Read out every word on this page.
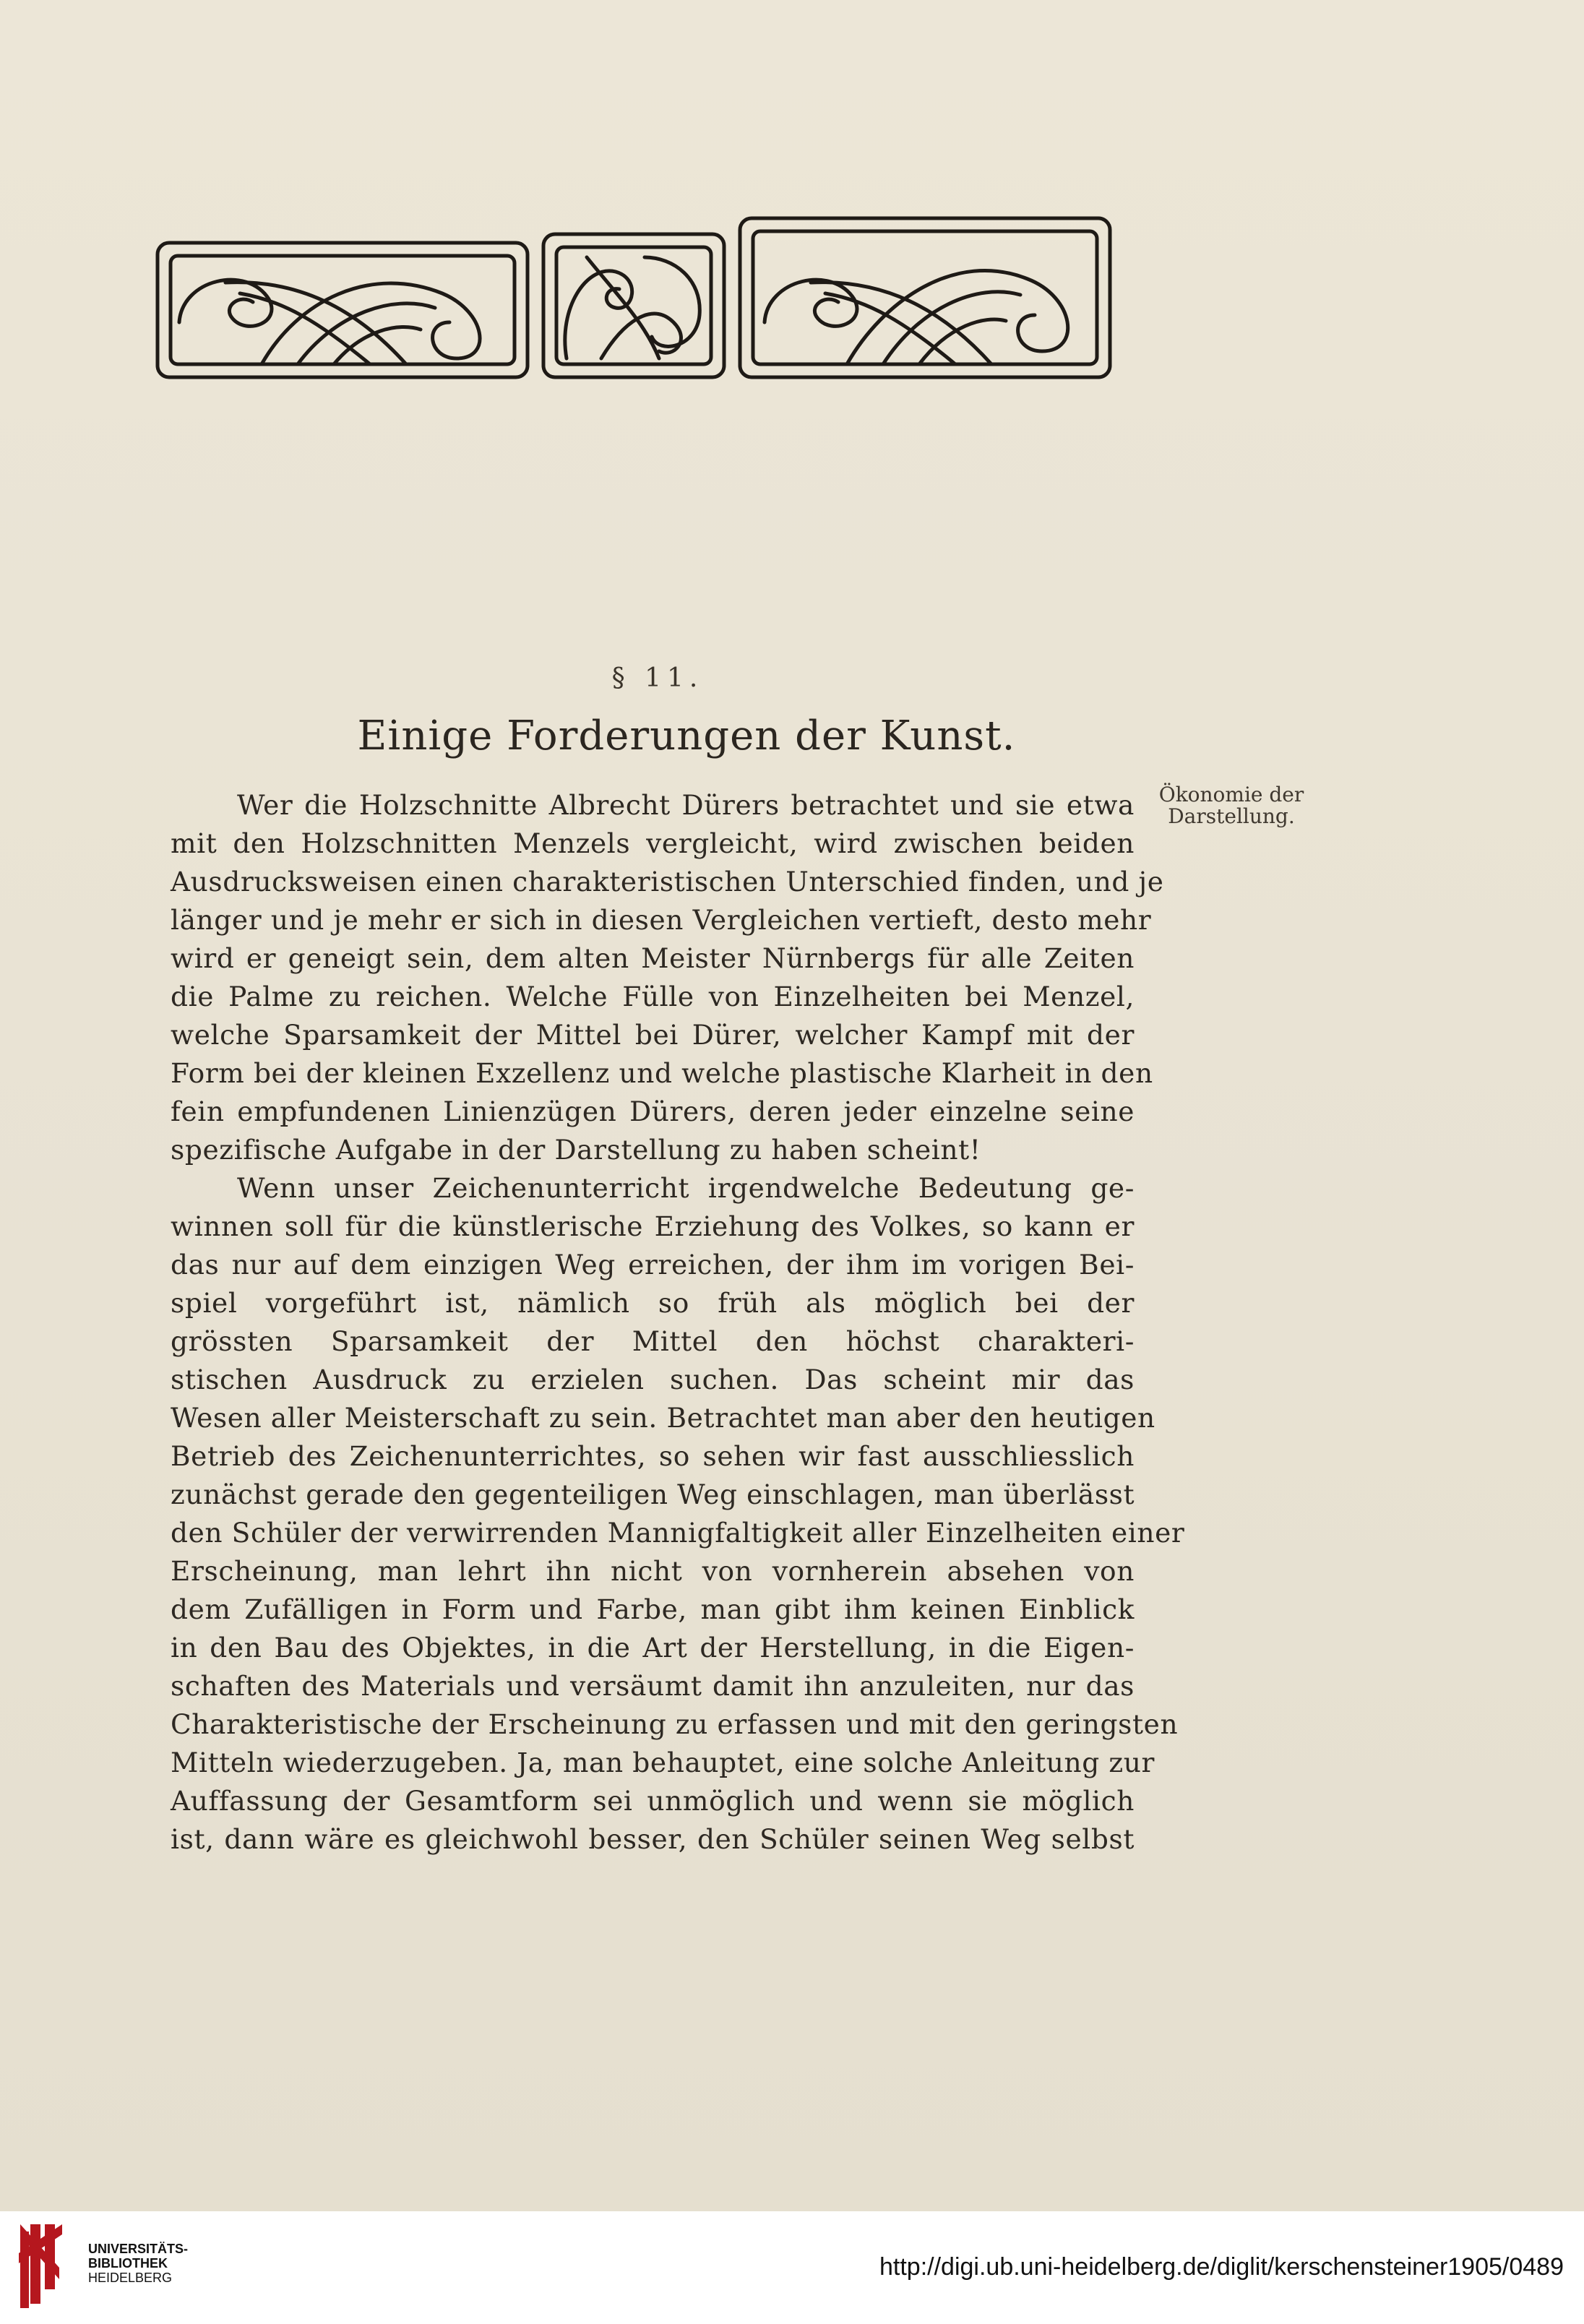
§ 11.
Einige Forderungen der Kunst.
Ökonomie der
Darstellung.
Wer die Holzschnitte Albrecht Dürers betrachtet und sie etwa
mit den Holzschnitten Menzels vergleicht, wird zwischen beiden
Ausdrucksweisen einen charakteristischen Unterschied finden, und je
länger und je mehr er sich in diesen Vergleichen vertieft, desto mehr
wird er geneigt sein, dem alten Meister Nürnbergs für alle Zeiten
die Palme zu reichen. Welche Fülle von Einzelheiten bei Menzel,
welche Sparsamkeit der Mittel bei Dürer, welcher Kampf mit der
Form bei der kleinen Exzellenz und welche plastische Klarheit in den
fein empfundenen Linienzügen Dürers, deren jeder einzelne seine
spezifische Aufgabe in der Darstellung zu haben scheint!
Wenn unser Zeichenunterricht irgendwelche Bedeutung ge-
winnen soll für die künstlerische Erziehung des Volkes, so kann er
das nur auf dem einzigen Weg erreichen, der ihm im vorigen Bei-
spiel vorgeführt ist, nämlich so früh als möglich bei der
grössten Sparsamkeit der Mittel den höchst charakteri-
stischen Ausdruck zu erzielen suchen. Das scheint mir das
Wesen aller Meisterschaft zu sein. Betrachtet man aber den heutigen
Betrieb des Zeichenunterrichtes, so sehen wir fast ausschliesslich
zunächst gerade den gegenteiligen Weg einschlagen, man überlässt
den Schüler der verwirrenden Mannigfaltigkeit aller Einzelheiten einer
Erscheinung, man lehrt ihn nicht von vornherein absehen von
dem Zufälligen in Form und Farbe, man gibt ihm keinen Einblick
in den Bau des Objektes, in die Art der Herstellung, in die Eigen-
schaften des Materials und versäumt damit ihn anzuleiten, nur das
Charakteristische der Erscheinung zu erfassen und mit den geringsten
Mitteln wiederzugeben. Ja, man behauptet, eine solche Anleitung zur
Auffassung der Gesamtform sei unmöglich und wenn sie möglich
ist, dann wäre es gleichwohl besser, den Schüler seinen Weg selbst
UNIVERSITÄTS-
BIBLIOTHEK
HEIDELBERG	http://digi.ub.uni-heidelberg.de/diglit/kerschensteiner1905/0489
